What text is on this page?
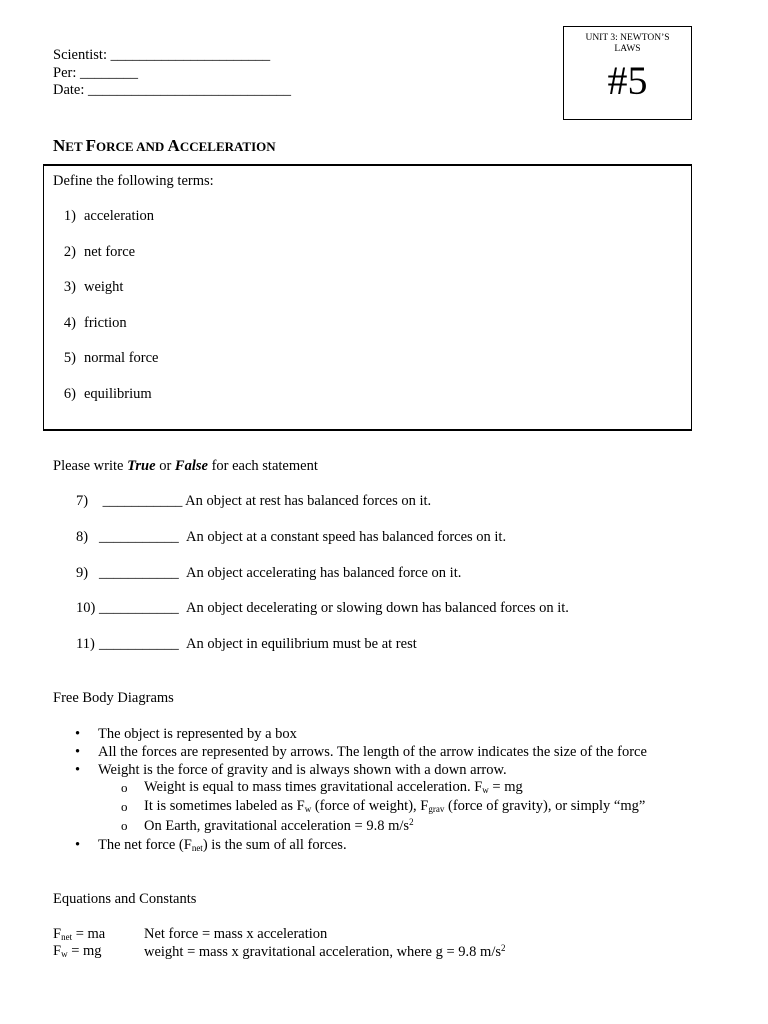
Scientist: ______________________
Per: ________
Date: ____________________________
UNIT 3: NEWTON’S LAWS
#5
NET FORCE AND ACCELERATION
Define the following terms:
1) acceleration
2) net force
3) weight
4) friction
5) normal force
6) equilibrium
Please write True or False for each statement
7) ___________ An object at rest has balanced forces on it.
8) ___________ An object at a constant speed has balanced forces on it.
9) ___________ An object accelerating has balanced force on it.
10) ___________ An object decelerating or slowing down has balanced forces on it.
11) ___________ An object in equilibrium must be at rest
Free Body Diagrams
• The object is represented by a box
• All the forces are represented by arrows. The length of the arrow indicates the size of the force
• Weight is the force of gravity and is always shown with a down arrow.
o Weight is equal to mass times gravitational acceleration. $F_w$ = mg
o It is sometimes labeled as $F_w$ (force of weight), $F_{grav}$ (force of gravity), or simply “mg”
o On Earth, gravitational acceleration = 9.8 $m/s^2$
• The net force $(F_{net})$ is the sum of all forces.
Equations and Constants
$F_{net}$ = ma	Net force = mass x acceleration
$F_w$ = mg	weight = mass x gravitational acceleration, where g = 9.8 $m/s^2$
